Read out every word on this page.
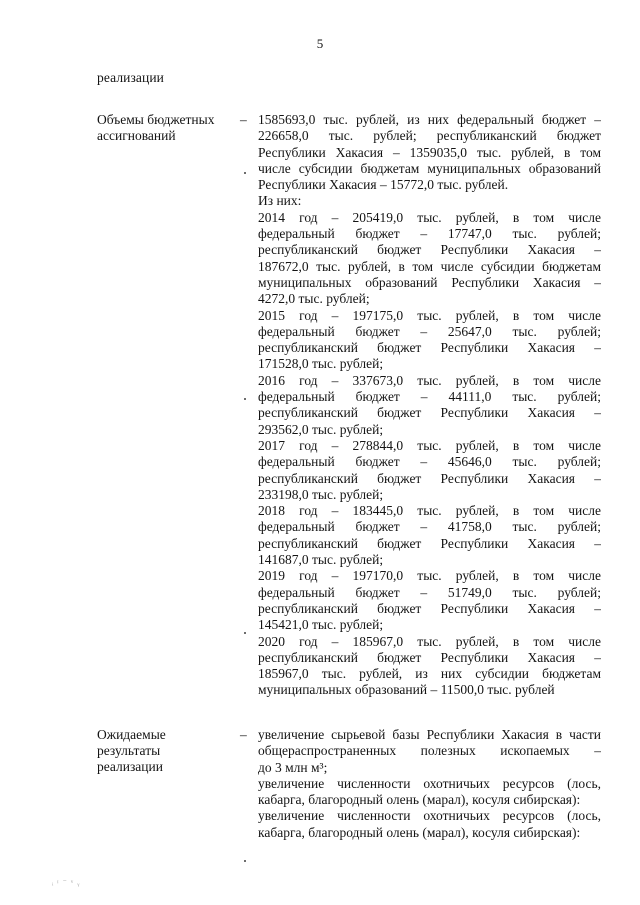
5
реализации
Объемы бюджетных
ассигнований
– 1585693,0 тыс. рублей, из них федеральный бюджет –
226658,0 тыс. рублей; республиканский бюджет
Республики Хакасия – 1359035,0 тыс. рублей, в том
числе субсидии бюджетам муниципальных образований
Республики Хакасия – 15772,0 тыс. рублей.
Из них:
2014 год – 205419,0 тыс. рублей, в том числе
федеральный бюджет – 17747,0 тыс. рублей;
республиканский бюджет Республики Хакасия –
187672,0 тыс. рублей, в том числе субсидии бюджетам
муниципальных образований Республики Хакасия –
4272,0 тыс. рублей;
2015 год – 197175,0 тыс. рублей, в том числе
федеральный бюджет – 25647,0 тыс. рублей;
республиканский бюджет Республики Хакасия –
171528,0 тыс. рублей;
2016 год – 337673,0 тыс. рублей, в том числе
федеральный бюджет – 44111,0 тыс. рублей;
республиканский бюджет Республики Хакасия –
293562,0 тыс. рублей;
2017 год – 278844,0 тыс. рублей, в том числе
федеральный бюджет – 45646,0 тыс. рублей;
республиканский бюджет Республики Хакасия –
233198,0 тыс. рублей;
2018 год – 183445,0 тыс. рублей, в том числе
федеральный бюджет – 41758,0 тыс. рублей;
республиканский бюджет Республики Хакасия –
141687,0 тыс. рублей;
2019 год – 197170,0 тыс. рублей, в том числе
федеральный бюджет – 51749,0 тыс. рублей;
республиканский бюджет Республики Хакасия –
145421,0 тыс. рублей;
2020 год – 185967,0 тыс. рублей, в том числе
республиканский бюджет Республики Хакасия –
185967,0 тыс. рублей, из них субсидии бюджетам
муниципальных образований – 11500,0 тыс. рублей
Ожидаемые
результаты
реализации
– увеличение сырьевой базы Республики Хакасия в части
общераспространенных полезных ископаемых –
до 3 млн м³;
увеличение численности охотничьих ресурсов (лось,
кабарга, благородный олень (марал), косуля сибирская):
увеличение численности охотничьих ресурсов (лось,
кабарга, благородный олень (марал), косуля сибирская):
ᵢ ᵎ ⁻ ᵛ ᵧ
